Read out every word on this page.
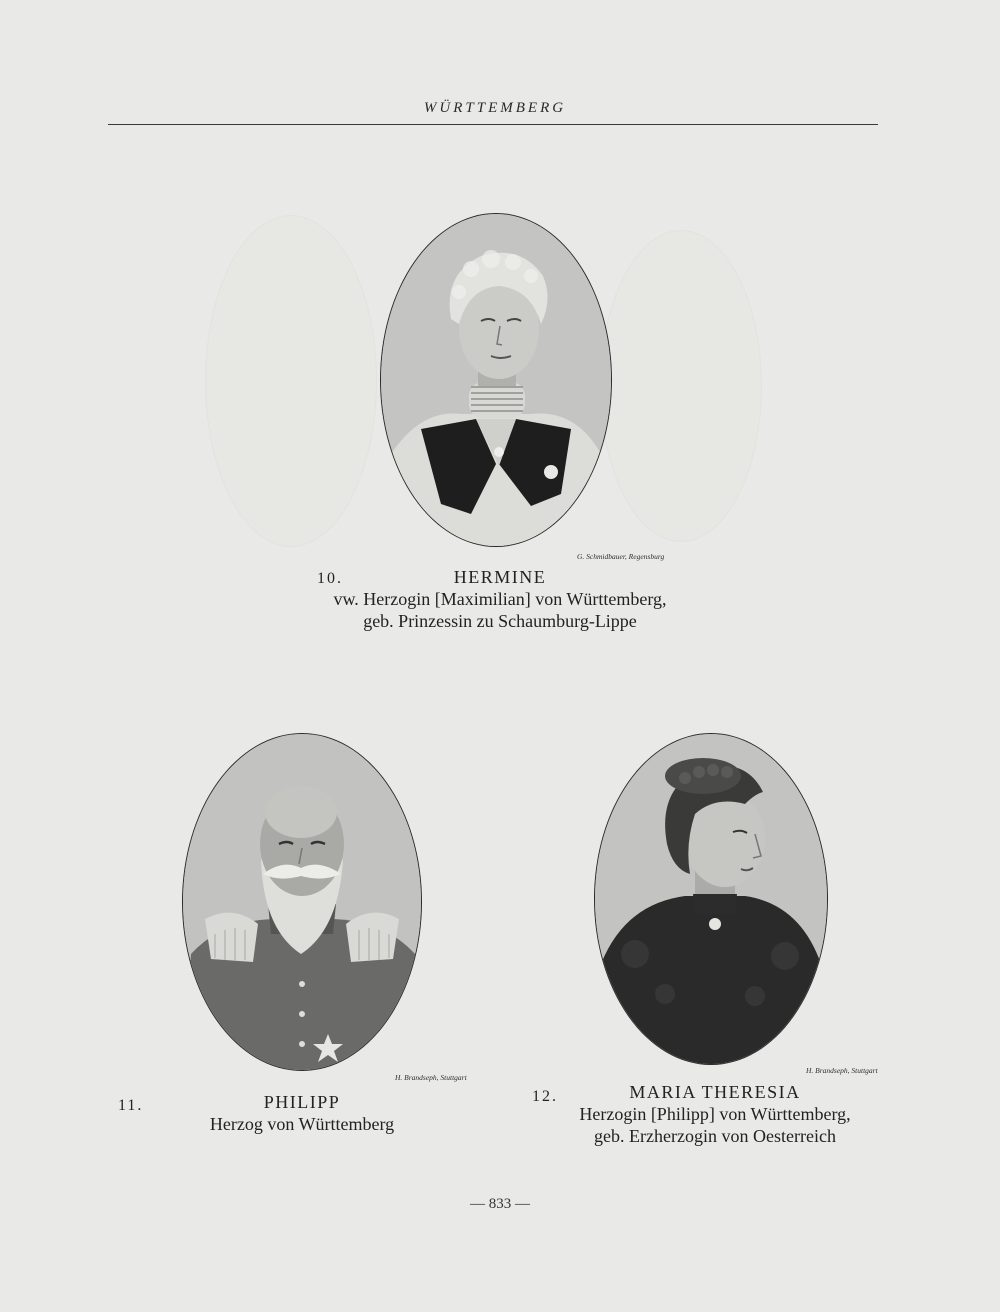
WÜRTTEMBERG
G. Schmidbauer, Regensburg
10.	HERMINE
vw. Herzogin [Maximilian] von Württemberg,
geb. Prinzessin zu Schaumburg-Lippe
H. Brandseph, Stuttgart
11.	PHILIPP
Herzog von Württemberg
H. Brandseph, Stuttgart
12.	MARIA THERESIA
Herzogin [Philipp] von Württemberg,
geb. Erzherzogin von Oesterreich
— 833 —
